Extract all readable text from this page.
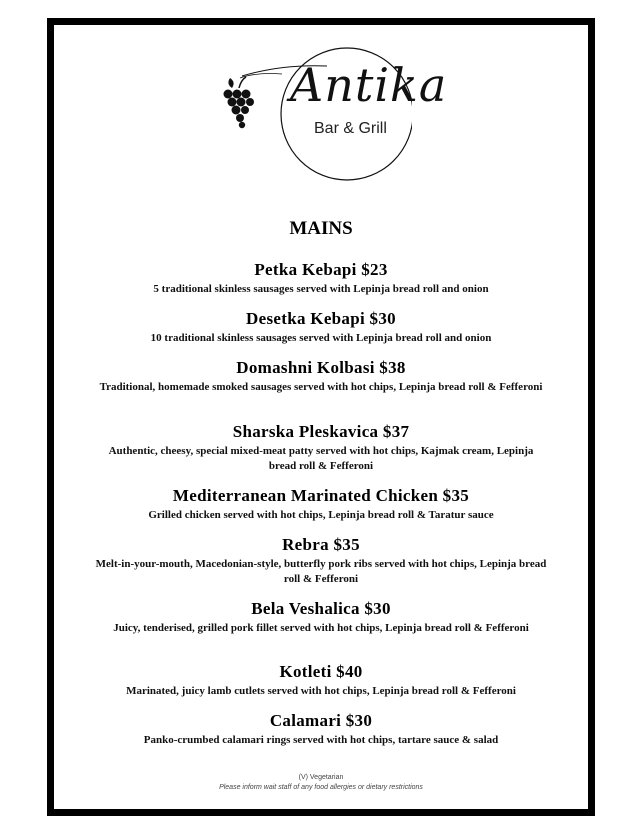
Antika
Bar & Grill
MAINS
Petka Kebapi $23
5 traditional skinless sausages served with Lepinja bread roll and onion
Desetka Kebapi $30
10 traditional skinless sausages served with Lepinja bread roll and onion
Domashni Kolbasi $38
Traditional, homemade smoked sausages served with hot chips, Lepinja bread roll & Fefferoni
Sharska Pleskavica $37
Authentic, cheesy, special mixed-meat patty served with hot chips, Kajmak cream, Lepinja bread roll & Fefferoni
Mediterranean Marinated Chicken $35
Grilled chicken served with hot chips, Lepinja bread roll & Taratur sauce
Rebra $35
Melt-in-your-mouth, Macedonian-style, butterfly pork ribs served with hot chips, Lepinja bread roll & Fefferoni
Bela Veshalica $30
Juicy, tenderised, grilled pork fillet served with hot chips, Lepinja bread roll & Fefferoni
Kotleti $40
Marinated, juicy lamb cutlets served with hot chips, Lepinja bread roll & Fefferoni
Calamari $30
Panko-crumbed calamari rings served with hot chips, tartare sauce & salad
(V) Vegetarian
Please inform wait staff of any food allergies or dietary restrictions
